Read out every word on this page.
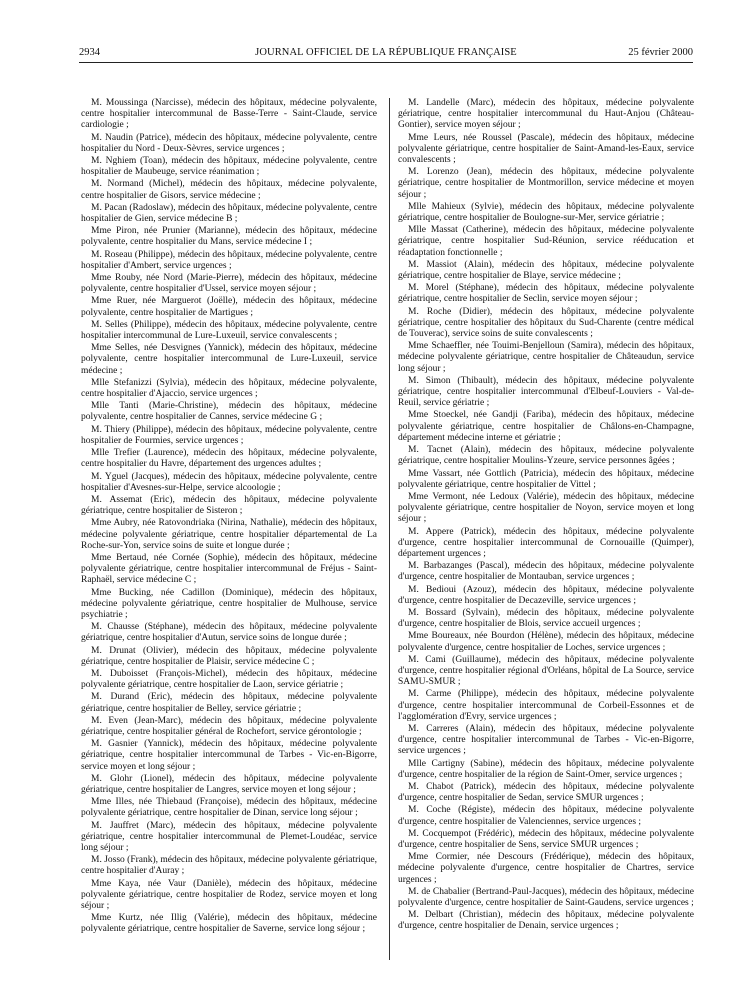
2934	JOURNAL OFFICIEL DE LA RÉPUBLIQUE FRANÇAISE	25 février 2000

M. Moussinga (Narcisse), médecin des hôpitaux, médecine polyvalente, centre hospitalier intercommunal de Basse-Terre - Saint-Claude, service cardiologie ;

M. Naudin (Patrice), médecin des hôpitaux, médecine polyvalente, centre hospitalier du Nord - Deux-Sèvres, service urgences ;

M. Nghiem (Toan), médecin des hôpitaux, médecine polyvalente, centre hospitalier de Maubeuge, service réanimation ;

M. Normand (Michel), médecin des hôpitaux, médecine polyvalente, centre hospitalier de Gisors, service médecine ;

M. Pacan (Radoslaw), médecin des hôpitaux, médecine polyvalente, centre hospitalier de Gien, service médecine B ;

Mme Piron, née Prunier (Marianne), médecin des hôpitaux, médecine polyvalente, centre hospitalier du Mans, service médecine I ;

M. Roseau (Philippe), médecin des hôpitaux, médecine polyvalente, centre hospitalier d'Ambert, service urgences ;

Mme Rouby, née Nord (Marie-Pierre), médecin des hôpitaux, médecine polyvalente, centre hospitalier d'Ussel, service moyen séjour ;

Mme Ruer, née Marguerot (Joëlle), médecin des hôpitaux, médecine polyvalente, centre hospitalier de Martigues ;

M. Selles (Philippe), médecin des hôpitaux, médecine polyvalente, centre hospitalier intercommunal de Lure-Luxeuil, service convalescents ;

Mme Selles, née Desvignes (Yannick), médecin des hôpitaux, médecine polyvalente, centre hospitalier intercommunal de Lure-Luxeuil, service médecine ;

Mlle Stefanizzi (Sylvia), médecin des hôpitaux, médecine polyvalente, centre hospitalier d'Ajaccio, service urgences ;

Mlle Tanti (Marie-Christine), médecin des hôpitaux, médecine polyvalente, centre hospitalier de Cannes, service médecine G ;

M. Thiery (Philippe), médecin des hôpitaux, médecine polyvalente, centre hospitalier de Fourmies, service urgences ;

Mlle Trefier (Laurence), médecin des hôpitaux, médecine polyvalente, centre hospitalier du Havre, département des urgences adultes ;

M. Yguel (Jacques), médecin des hôpitaux, médecine polyvalente, centre hospitalier d'Avesnes-sur-Helpe, service alcoologie ;

M. Assemat (Eric), médecin des hôpitaux, médecine polyvalente gériatrique, centre hospitalier de Sisteron ;

Mme Aubry, née Ratovondriaka (Nirina, Nathalie), médecin des hôpitaux, médecine polyvalente gériatrique, centre hospitalier départemental de La Roche-sur-Yon, service soins de suite et longue durée ;

Mme Bertaud, née Cornée (Sophie), médecin des hôpitaux, médecine polyvalente gériatrique, centre hospitalier intercommunal de Fréjus - Saint-Raphaël, service médecine C ;

Mme Bucking, née Cadillon (Dominique), médecin des hôpitaux, médecine polyvalente gériatrique, centre hospitalier de Mulhouse, service psychiatrie ;

M. Chausse (Stéphane), médecin des hôpitaux, médecine polyvalente gériatrique, centre hospitalier d'Autun, service soins de longue durée ;

M. Drunat (Olivier), médecin des hôpitaux, médecine polyvalente gériatrique, centre hospitalier de Plaisir, service médecine C ;

M. Duboisset (François-Michel), médecin des hôpitaux, médecine polyvalente gériatrique, centre hospitalier de Laon, service gériatrie ;

M. Durand (Eric), médecin des hôpitaux, médecine polyvalente gériatrique, centre hospitalier de Belley, service gériatrie ;

M. Even (Jean-Marc), médecin des hôpitaux, médecine polyvalente gériatrique, centre hospitalier général de Rochefort, service gérontologie ;

M. Gasnier (Yannick), médecin des hôpitaux, médecine polyvalente gériatrique, centre hospitalier intercommunal de Tarbes - Vic-en-Bigorre, service moyen et long séjour ;

M. Glohr (Lionel), médecin des hôpitaux, médecine polyvalente gériatrique, centre hospitalier de Langres, service moyen et long séjour ;

Mme Illes, née Thiebaud (Françoise), médecin des hôpitaux, médecine polyvalente gériatrique, centre hospitalier de Dinan, service long séjour ;

M. Jauffret (Marc), médecin des hôpitaux, médecine polyvalente gériatrique, centre hospitalier intercommunal de Plemet-Loudéac, service long séjour ;

M. Josso (Frank), médecin des hôpitaux, médecine polyvalente gériatrique, centre hospitalier d'Auray ;

Mme Kaya, née Vaur (Danièle), médecin des hôpitaux, médecine polyvalente gériatrique, centre hospitalier de Rodez, service moyen et long séjour ;

Mme Kurtz, née Illig (Valérie), médecin des hôpitaux, médecine polyvalente gériatrique, centre hospitalier de Saverne, service long séjour ;

M. Landelle (Marc), médecin des hôpitaux, médecine polyvalente gériatrique, centre hospitalier intercommunal du Haut-Anjou (Château-Gontier), service moyen séjour ;

Mme Leurs, née Roussel (Pascale), médecin des hôpitaux, médecine polyvalente gériatrique, centre hospitalier de Saint-Amand-les-Eaux, service convalescents ;

M. Lorenzo (Jean), médecin des hôpitaux, médecine polyvalente gériatrique, centre hospitalier de Montmorillon, service médecine et moyen séjour ;

Mlle Mahieux (Sylvie), médecin des hôpitaux, médecine polyvalente gériatrique, centre hospitalier de Boulogne-sur-Mer, service gériatrie ;

Mlle Massat (Catherine), médecin des hôpitaux, médecine polyvalente gériatrique, centre hospitalier Sud-Réunion, service rééducation et réadaptation fonctionnelle ;

M. Massiot (Alain), médecin des hôpitaux, médecine polyvalente gériatrique, centre hospitalier de Blaye, service médecine ;

M. Morel (Stéphane), médecin des hôpitaux, médecine polyvalente gériatrique, centre hospitalier de Seclin, service moyen séjour ;

M. Roche (Didier), médecin des hôpitaux, médecine polyvalente gériatrique, centre hospitalier des hôpitaux du Sud-Charente (centre médical de Touverac), service soins de suite convalescents ;

Mme Schaeffler, née Touimi-Benjelloun (Samira), médecin des hôpitaux, médecine polyvalente gériatrique, centre hospitalier de Châteaudun, service long séjour ;

M. Simon (Thibault), médecin des hôpitaux, médecine polyvalente gériatrique, centre hospitalier intercommunal d'Elbeuf-Louviers - Val-de-Reuil, service gériatrie ;

Mme Stoeckel, née Gandji (Fariba), médecin des hôpitaux, médecine polyvalente gériatrique, centre hospitalier de Châlons-en-Champagne, département médecine interne et gériatrie ;

M. Tacnet (Alain), médecin des hôpitaux, médecine polyvalente gériatrique, centre hospitalier Moulins-Yzeure, service personnes âgées ;

Mme Vassart, née Gottlich (Patricia), médecin des hôpitaux, médecine polyvalente gériatrique, centre hospitalier de Vittel ;

Mme Vermont, née Ledoux (Valérie), médecin des hôpitaux, médecine polyvalente gériatrique, centre hospitalier de Noyon, service moyen et long séjour ;

M. Appere (Patrick), médecin des hôpitaux, médecine polyvalente d'urgence, centre hospitalier intercommunal de Cornouaille (Quimper), département urgences ;

M. Barbazanges (Pascal), médecin des hôpitaux, médecine polyvalente d'urgence, centre hospitalier de Montauban, service urgences ;

M. Bedioui (Azouz), médecin des hôpitaux, médecine polyvalente d'urgence, centre hospitalier de Decazeville, service urgences ;

M. Bossard (Sylvain), médecin des hôpitaux, médecine polyvalente d'urgence, centre hospitalier de Blois, service accueil urgences ;

Mme Boureaux, née Bourdon (Hélène), médecin des hôpitaux, médecine polyvalente d'urgence, centre hospitalier de Loches, service urgences ;

M. Cami (Guillaume), médecin des hôpitaux, médecine polyvalente d'urgence, centre hospitalier régional d'Orléans, hôpital de La Source, service SAMU-SMUR ;

M. Carme (Philippe), médecin des hôpitaux, médecine polyvalente d'urgence, centre hospitalier intercommunal de Corbeil-Essonnes et de l'agglomération d'Evry, service urgences ;

M. Carreres (Alain), médecin des hôpitaux, médecine polyvalente d'urgence, centre hospitalier intercommunal de Tarbes - Vic-en-Bigorre, service urgences ;

Mlle Cartigny (Sabine), médecin des hôpitaux, médecine polyvalente d'urgence, centre hospitalier de la région de Saint-Omer, service urgences ;

M. Chabot (Patrick), médecin des hôpitaux, médecine polyvalente d'urgence, centre hospitalier de Sedan, service SMUR urgences ;

M. Coche (Régiste), médecin des hôpitaux, médecine polyvalente d'urgence, centre hospitalier de Valenciennes, service urgences ;

M. Cocquempot (Frédéric), médecin des hôpitaux, médecine polyvalente d'urgence, centre hospitalier de Sens, service SMUR urgences ;

Mme Cormier, née Descours (Frédérique), médecin des hôpitaux, médecine polyvalente d'urgence, centre hospitalier de Chartres, service urgences ;

M. de Chabalier (Bertrand-Paul-Jacques), médecin des hôpitaux, médecine polyvalente d'urgence, centre hospitalier de Saint-Gaudens, service urgences ;

M. Delbart (Christian), médecin des hôpitaux, médecine polyvalente d'urgence, centre hospitalier de Denain, service urgences ;
